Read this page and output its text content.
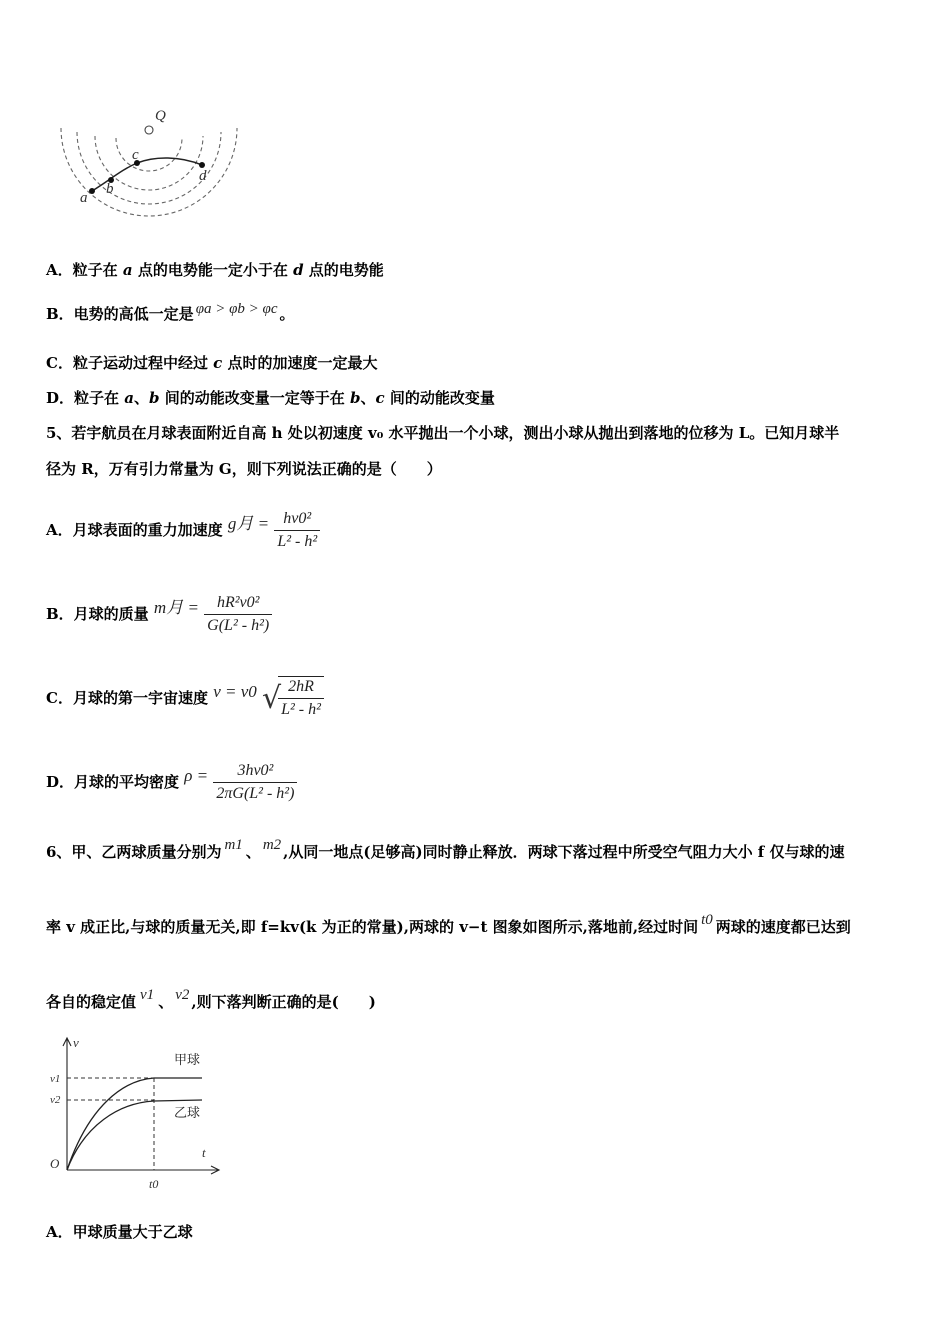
Q
a
b
c
d
A．粒子在 a 点的电势能一定小于在 d 点的电势能
B．电势的高低一定是 φa > φb > φc 。
C．粒子运动过程中经过 c 点时的加速度一定最大
D．粒子在 a、b 间的动能改变量一定等于在 b、c 间的动能改变量
5、若宇航员在月球表面附近自高 h 处以初速度 v₀ 水平抛出一个小球，测出小球从抛出到落地的位移为 L。已知月球半
径为 R，万有引力常量为 G，则下列说法正确的是（　　）
A．月球表面的重力加速度 g月 = $\frac{\text{hv0²}}{\text{L² - h²}}$
B．月球的质量 m月 = $\frac{\text{hR²v0²}}{\text{G(L² - h²)}}$
C．月球的第一宇宙速度 v = v0 √
$\frac{2hR}{\text{L² - h²}}$
D．月球的平均密度 $\rho = \frac{\text{3hv0²}}{\text{2πG(L² - h²)}}$
6、甲、乙两球质量分别为 m1 、 m2 ,从同一地点(足够高)同时静止释放．两球下落过程中所受空气阻力大小 f 仅与球的速
率 v 成正比,与球的质量无关,即 f=kv(k 为正的常量),两球的 v−t 图象如图所示,落地前,经过时间 t0 两球的速度都已达到
各自的稳定值 v1 、 v2 ,则下落判断正确的是(　　)
v
t
O
v1
v2
t0
甲球
乙球
A．甲球质量大于乙球
